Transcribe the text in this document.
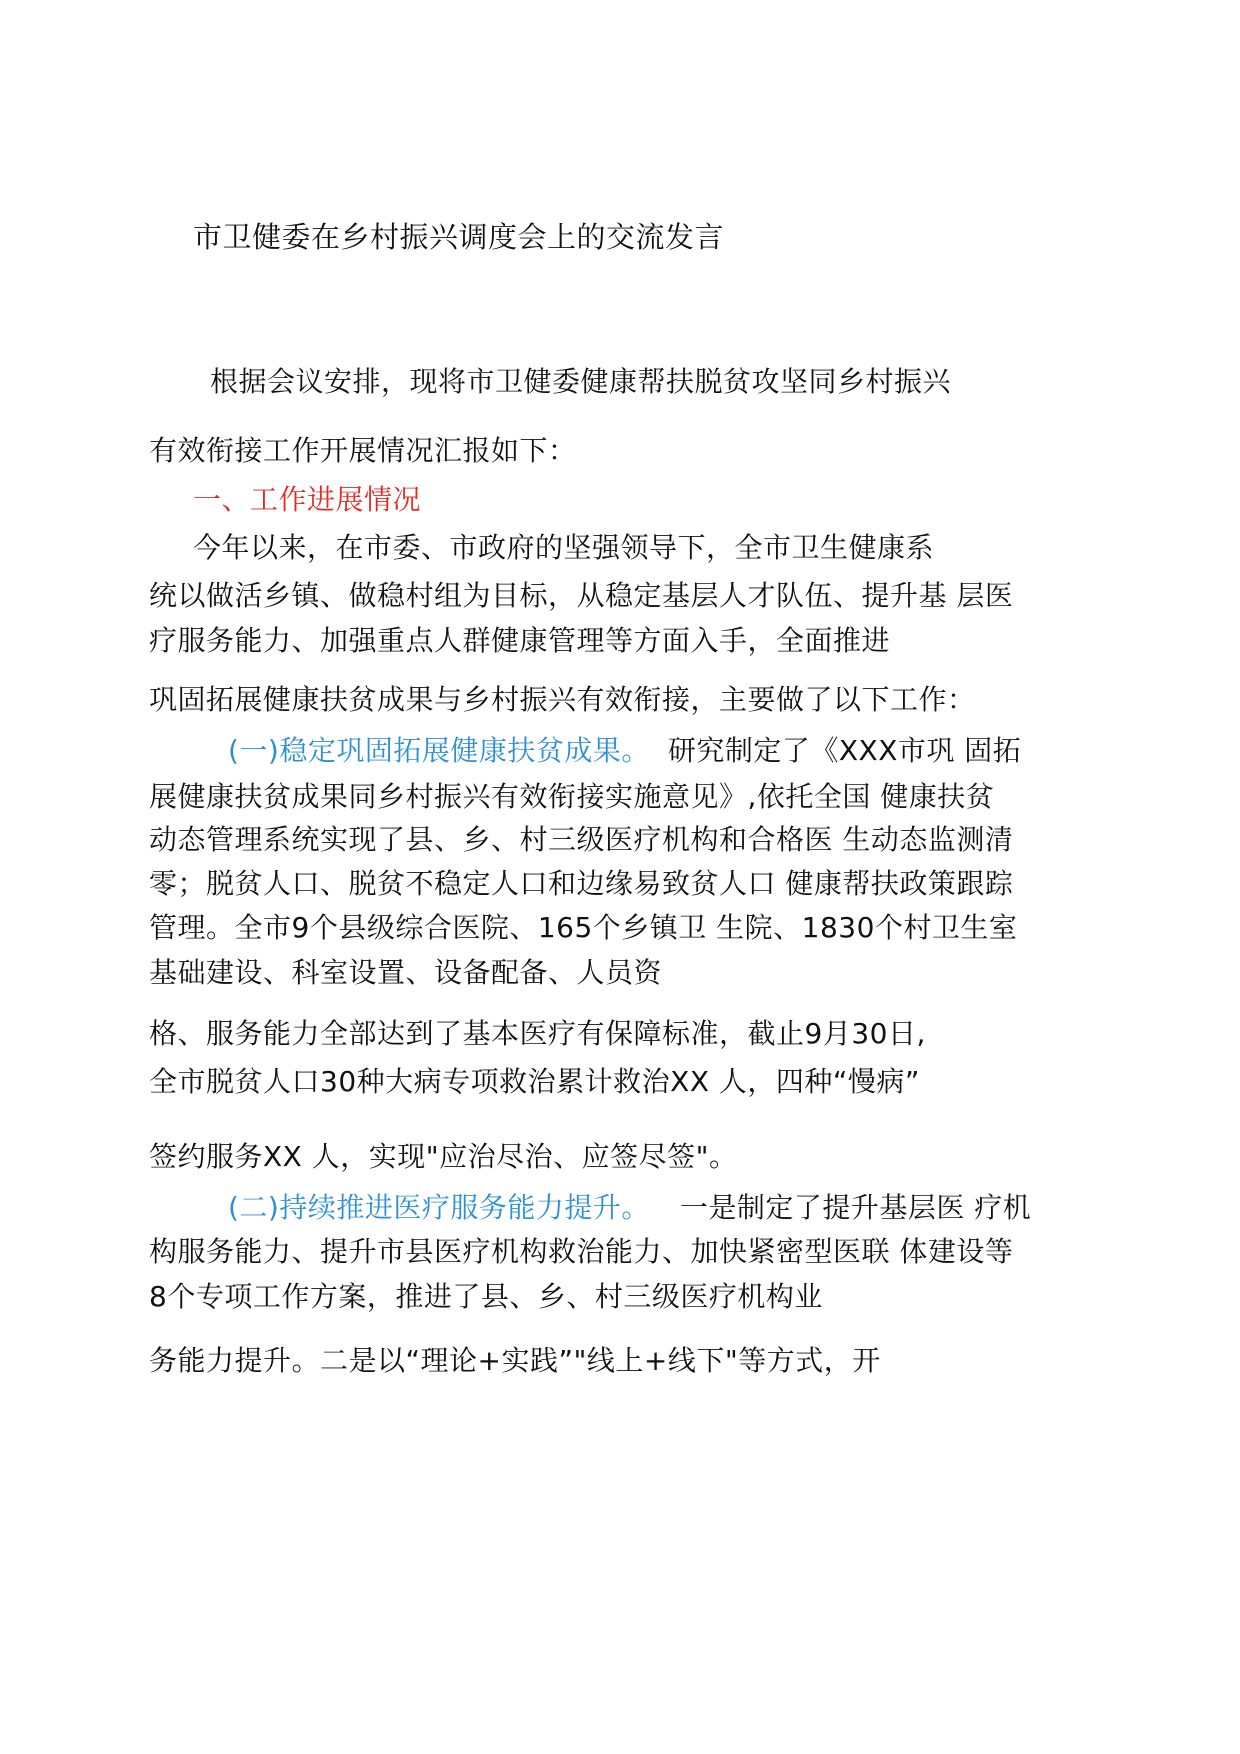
市卫健委在乡村振兴调度会上的交流发言
根据会议安排，现将市卫健委健康帮扶脱贫攻坚同乡村振兴
有效衔接工作开展情况汇报如下：
一、工作进展情况
今年以来，在市委、市政府的坚强领导下，全市卫生健康系
统以做活乡镇、做稳村组为目标，从稳定基层人才队伍、提升基 层医
疗服务能力、加强重点人群健康管理等方面入手，全面推进
巩固拓展健康扶贫成果与乡村振兴有效衔接，主要做了以下工作：
(一)稳定巩固拓展健康扶贫成果。 研究制定了《XXX市巩 固拓
展健康扶贫成果同乡村振兴有效衔接实施意见》,依托全国 健康扶贫
动态管理系统实现了县、乡、村三级医疗机构和合格医 生动态监测清
零；脱贫人口、脱贫不稳定人口和边缘易致贫人口 健康帮扶政策跟踪
管理。全市9个县级综合医院、165个乡镇卫 生院、1830个村卫生室
基础建设、科室设置、设备配备、人员资
格、服务能力全部达到了基本医疗有保障标准，截止9月30日,
全市脱贫人口30种大病专项救治累计救治XX 人，四种“慢病”
签约服务XX 人，实现"应治尽治、应签尽签"。
(二)持续推进医疗服务能力提升。 一是制定了提升基层医 疗机
构服务能力、提升市县医疗机构救治能力、加快紧密型医联 体建设等
8个专项工作方案，推进了县、乡、村三级医疗机构业
务能力提升。二是以“理论+实践”"线上+线下"等方式，开
